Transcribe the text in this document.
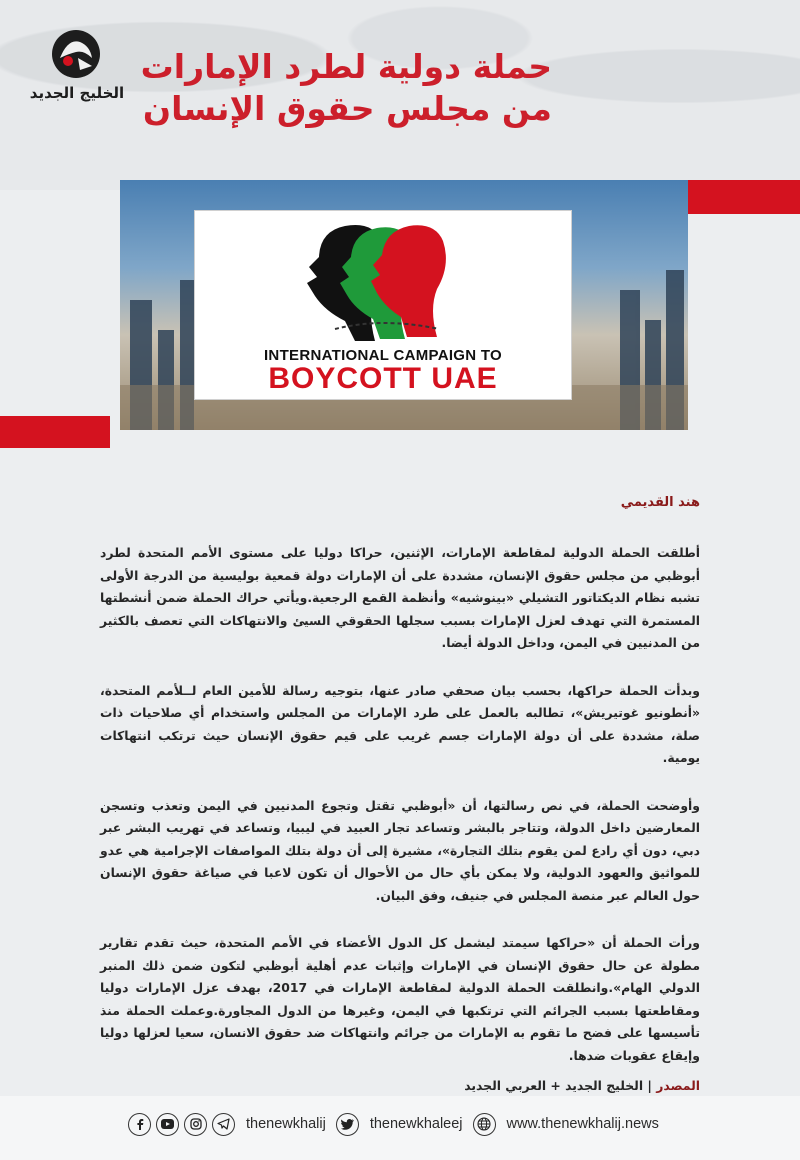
الخليج الجديد
حملة دولية لطرد الإمارات
من مجلس حقوق الإنسان
INTERNATIONAL CAMPAIGN TO
BOYCOTT UAE
هند القديمي

أطلقت الحملة الدولية لمقاطعة الإمارات، الإثنين، حراكا دوليا على مستوى الأمم المتحدة لطرد أبوظبي من مجلس حقوق الإنسان، مشددة على أن الإمارات دولة قمعية بوليسية من الدرجة الأولى تشبه نظام الديكتاتور التشيلي «بينوشيه» وأنظمة القمع الرجعية.ويأتي حراك الحملة ضمن أنشطتها المستمرة التي تهدف لعزل الإمارات بسبب سجلها الحقوقي السيئ والانتهاكات التي تعصف بالكثير من المدنيين في اليمن، وداخل الدولة أيضا.

وبدأت الحملة حراكها، بحسب بيان صحفي صادر عنها، بتوجيه رسالة للأمين العام لــلأمم المتحدة، «أنطونيو غوتيريش»، تطالبه بالعمل على طرد الإمارات من المجلس واستخدام أي صلاحيات ذات صلة، مشددة على أن دولة الإمارات جسم غريب على قيم حقوق الإنسان حيث ترتكب انتهاكات يومية.

وأوضحت الحملة، في نص رسالتها، أن «أبوظبي تقتل وتجوع المدنيين في اليمن وتعذب وتسجن المعارضين داخل الدولة، وتتاجر بالبشر وتساعد تجار العبيد في ليبيا، وتساعد في تهريب البشر عبر دبي، دون أي رادع لمن يقوم بتلك التجارة»، مشيرة إلى أن دولة بتلك المواصفات الإجرامية هي عدو للمواثيق والعهود الدولية، ولا يمكن بأي حال من الأحوال أن تكون لاعبا في صياغة حقوق الإنسان حول العالم عبر منصة المجلس في جنيف، وفق البيان.

ورأت الحملة أن «حراكها سيمتد ليشمل كل الدول الأعضاء في الأمم المتحدة، حيث تقدم تقارير مطولة عن حال حقوق الإنسان في الإمارات وإثبات عدم أهلية أبوظبي لتكون ضمن ذلك المنبر الدولي الهام».وانطلقت الحملة الدولية لمقاطعة الإمارات في 2017، بهدف عزل الإمارات دوليا ومقاطعتها بسبب الجرائم التي ترتكبها في اليمن، وغيرها من الدول المجاورة.وعملت الحملة منذ تأسيسها على فضح ما تقوم به الإمارات من جرائم وانتهاكات ضد حقوق الانسان، سعيا لعزلها دوليا وإيقاع عقوبات ضدها.

المصدر | الخليج الجديد + العربي الجديد
thenewkhalij	thenewkhaleej	www.thenewkhalij.news
